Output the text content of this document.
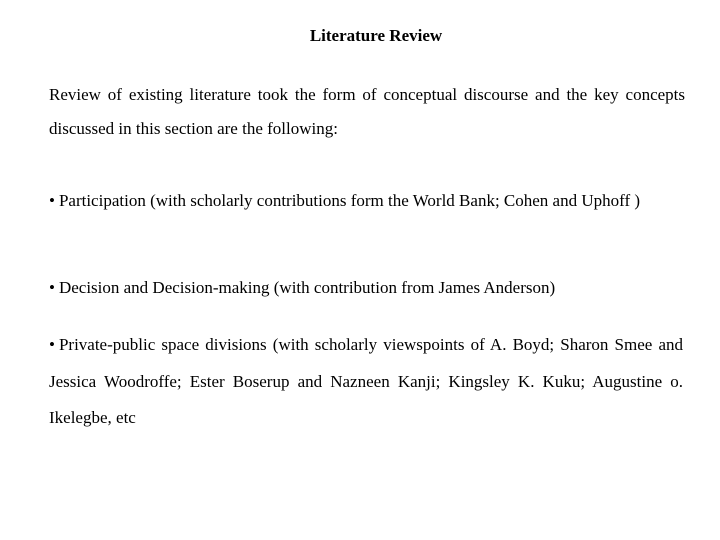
Literature Review
Review of existing literature took the form of conceptual discourse and the key concepts discussed in this section are the following:
• Participation (with scholarly contributions form the World Bank; Cohen and Uphoff )
• Decision and Decision-making (with contribution from James Anderson)
• Private-public space divisions (with scholarly viewspoints of A. Boyd; Sharon Smee and Jessica Woodroffe; Ester Boserup and Nazneen Kanji; Kingsley K. Kuku; Augustine o. Ikelegbe, etc
